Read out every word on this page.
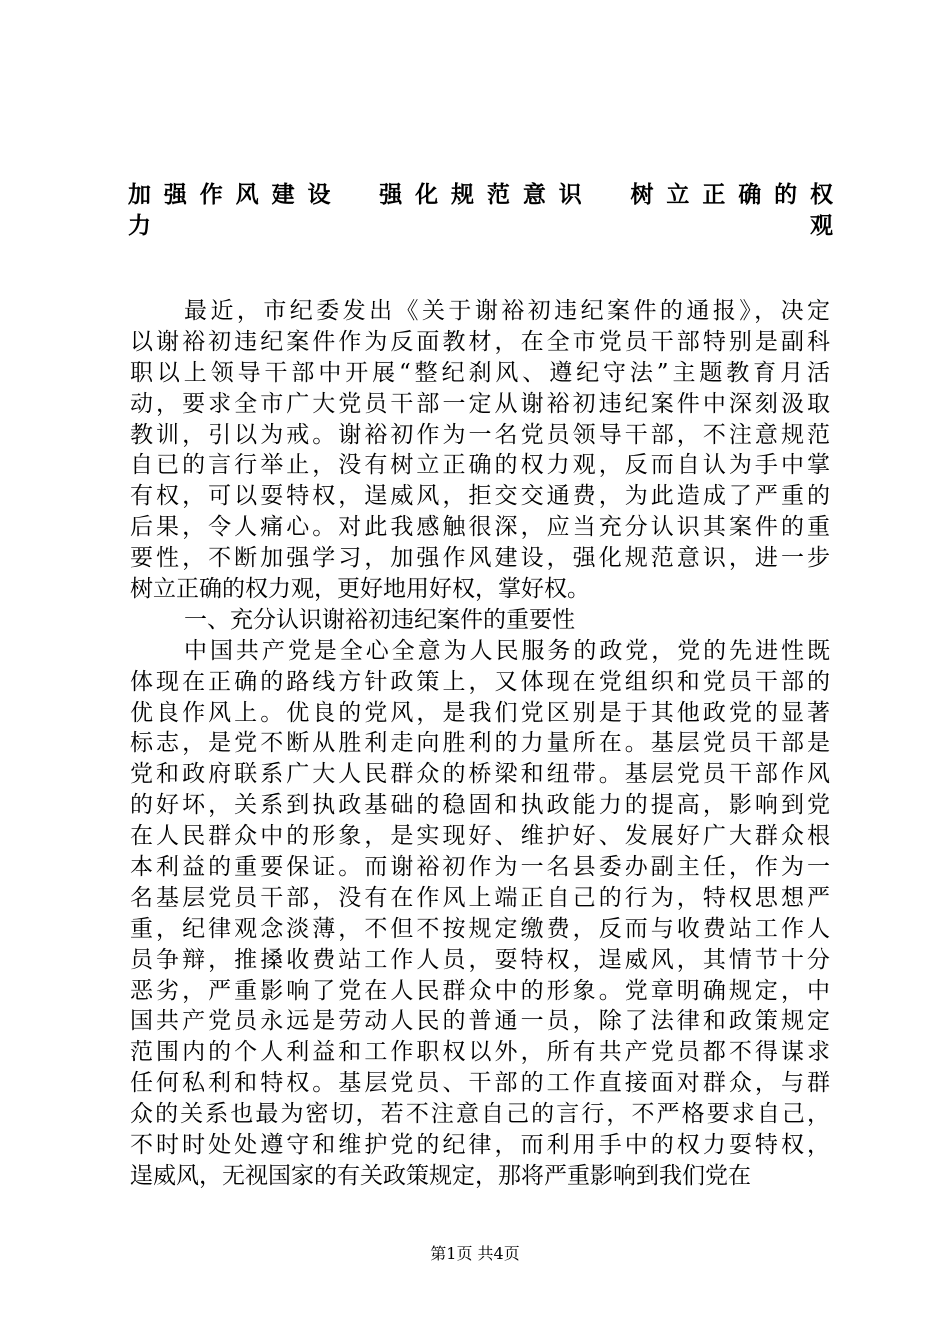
加强作风建设　强化规范意识　树立正确的权
力观
最近，市纪委发出《关于谢裕初违纪案件的通报》，决定
以谢裕初违纪案件作为反面教材，在全市党员干部特别是副科
职以上领导干部中开展“整纪刹风、遵纪守法”主题教育月活
动，要求全市广大党员干部一定从谢裕初违纪案件中深刻汲取
教训，引以为戒。谢裕初作为一名党员领导干部，不注意规范
自已的言行举止，没有树立正确的权力观，反而自认为手中掌
有权，可以耍特权，逞威风，拒交交通费，为此造成了严重的
后果，令人痛心。对此我感触很深，应当充分认识其案件的重
要性，不断加强学习，加强作风建设，强化规范意识，进一步
树立正确的权力观，更好地用好权，掌好权。
一、充分认识谢裕初违纪案件的重要性
中国共产党是全心全意为人民服务的政党，党的先进性既
体现在正确的路线方针政策上，又体现在党组织和党员干部的
优良作风上。优良的党风，是我们党区别是于其他政党的显著
标志，是党不断从胜利走向胜利的力量所在。基层党员干部是
党和政府联系广大人民群众的桥梁和纽带。基层党员干部作风
的好坏，关系到执政基础的稳固和执政能力的提高，影响到党
在人民群众中的形象，是实现好、维护好、发展好广大群众根
本利益的重要保证。而谢裕初作为一名县委办副主任，作为一
名基层党员干部，没有在作风上端正自己的行为，特权思想严
重，纪律观念淡薄，不但不按规定缴费，反而与收费站工作人
员争辩，推搡收费站工作人员，耍特权，逞威风，其情节十分
恶劣，严重影响了党在人民群众中的形象。党章明确规定，中
国共产党员永远是劳动人民的普通一员，除了法律和政策规定
范围内的个人利益和工作职权以外，所有共产党员都不得谋求
任何私利和特权。基层党员、干部的工作直接面对群众，与群
众的关系也最为密切，若不注意自己的言行，不严格要求自己，
不时时处处遵守和维护党的纪律，而利用手中的权力耍特权，
逞威风，无视国家的有关政策规定，那将严重影响到我们党在
第1页 共4页
